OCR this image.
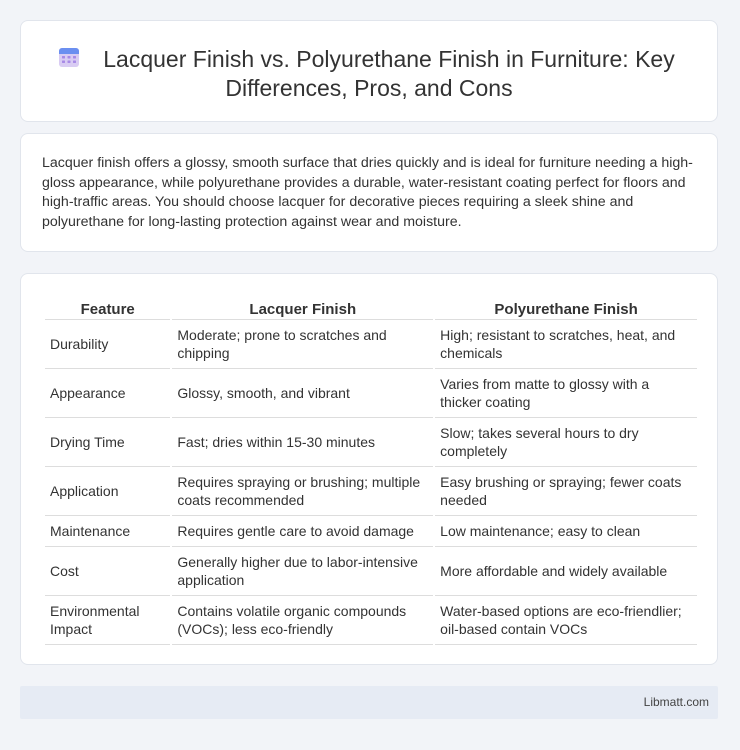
Lacquer Finish vs. Polyurethane Finish in Furniture: Key
Differences, Pros, and Cons
Lacquer finish offers a glossy, smooth surface that dries quickly and is ideal for furniture needing a high-gloss appearance, while polyurethane provides a durable, water-resistant coating perfect for floors and high-traffic areas. You should choose lacquer for decorative pieces requiring a sleek shine and polyurethane for long-lasting protection against wear and moisture.
Feature	Lacquer Finish	Polyurethane Finish
Durability	Moderate; prone to scratches and chipping	High; resistant to scratches, heat, and chemicals
Appearance	Glossy, smooth, and vibrant	Varies from matte to glossy with a thicker coating
Drying Time	Fast; dries within 15-30 minutes	Slow; takes several hours to dry completely
Application	Requires spraying or brushing; multiple coats recommended	Easy brushing or spraying; fewer coats needed
Maintenance	Requires gentle care to avoid damage	Low maintenance; easy to clean
Cost	Generally higher due to labor-intensive application	More affordable and widely available
Environmental Impact	Contains volatile organic compounds (VOCs); less eco-friendly	Water-based options are eco-friendlier; oil-based contain VOCs
Libmatt.com
